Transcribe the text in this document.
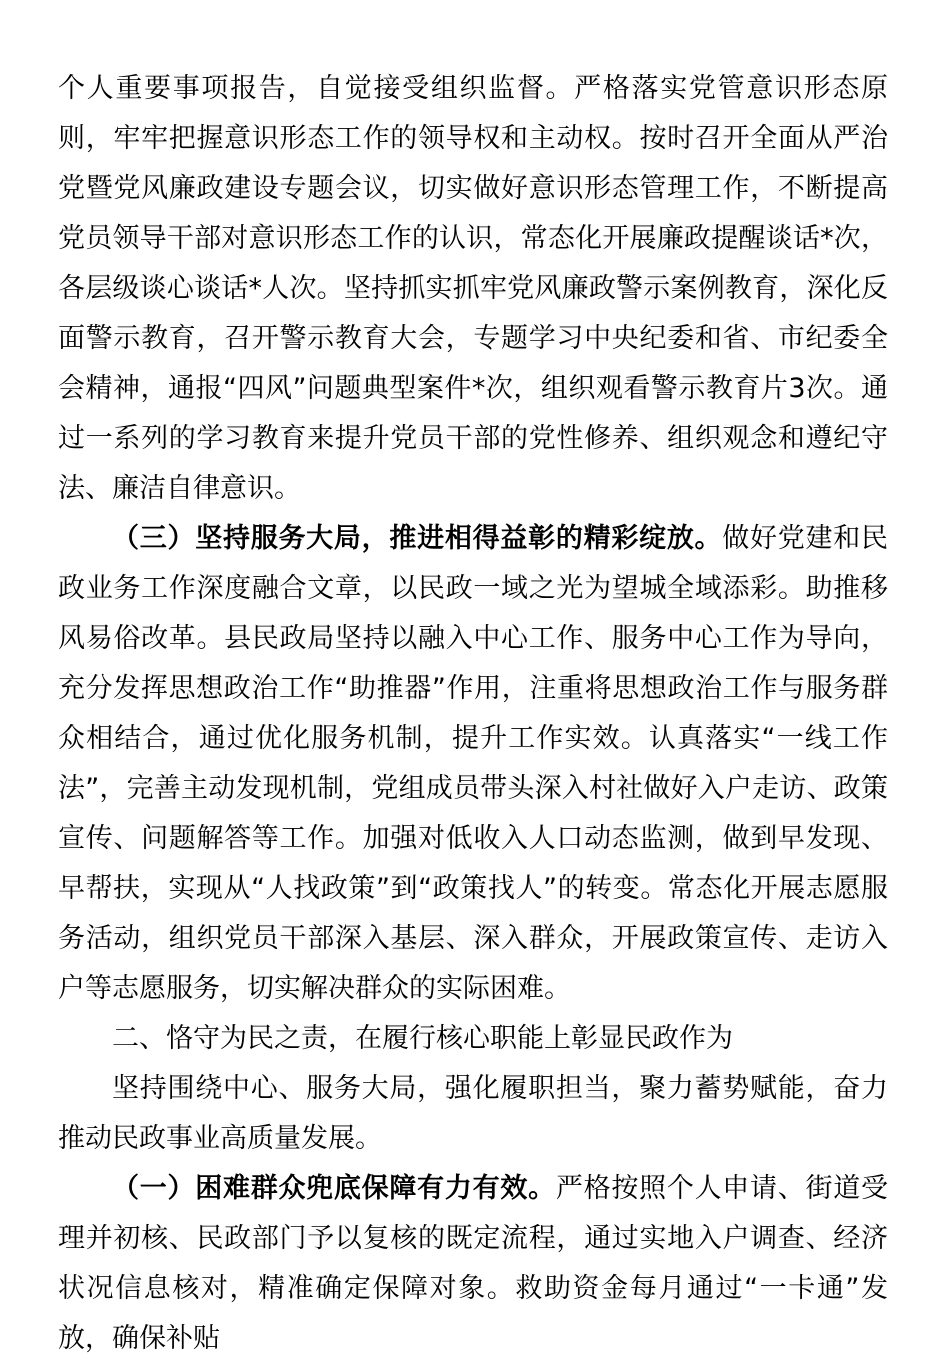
个人重要事项报告，自觉接受组织监督。严格落实党管意识形态原则，牢牢把握意识形态工作的领导权和主动权。按时召开全面从严治党暨党风廉政建设专题会议，切实做好意识形态管理工作，不断提高党员领导干部对意识形态工作的认识，常态化开展廉政提醒谈话*次，各层级谈心谈话*人次。坚持抓实抓牢党风廉政警示案例教育，深化反面警示教育，召开警示教育大会，专题学习中央纪委和省、市纪委全会精神，通报“四风”问题典型案件*次，组织观看警示教育片3次。通过一系列的学习教育来提升党员干部的党性修养、组织观念和遵纪守法、廉洁自律意识。

（三）坚持服务大局，推进相得益彰的精彩绽放。做好党建和民政业务工作深度融合文章，以民政一域之光为望城全域添彩。助推移风易俗改革。县民政局坚持以融入中心工作、服务中心工作为导向，充分发挥思想政治工作“助推器”作用，注重将思想政治工作与服务群众相结合，通过优化服务机制，提升工作实效。认真落实“一线工作法”，完善主动发现机制，党组成员带头深入村社做好入户走访、政策宣传、问题解答等工作。加强对低收入人口动态监测，做到早发现、早帮扶，实现从“人找政策”到“政策找人”的转变。常态化开展志愿服务活动，组织党员干部深入基层、深入群众，开展政策宣传、走访入户等志愿服务，切实解决群众的实际困难。

二、恪守为民之责，在履行核心职能上彰显民政作为

坚持围绕中心、服务大局，强化履职担当，聚力蓄势赋能，奋力推动民政事业高质量发展。

（一）困难群众兜底保障有力有效。严格按照个人申请、街道受理并初核、民政部门予以复核的既定流程，通过实地入户调查、经济状况信息核对，精准确定保障对象。救助资金每月通过“一卡通”发放，确保补贴
